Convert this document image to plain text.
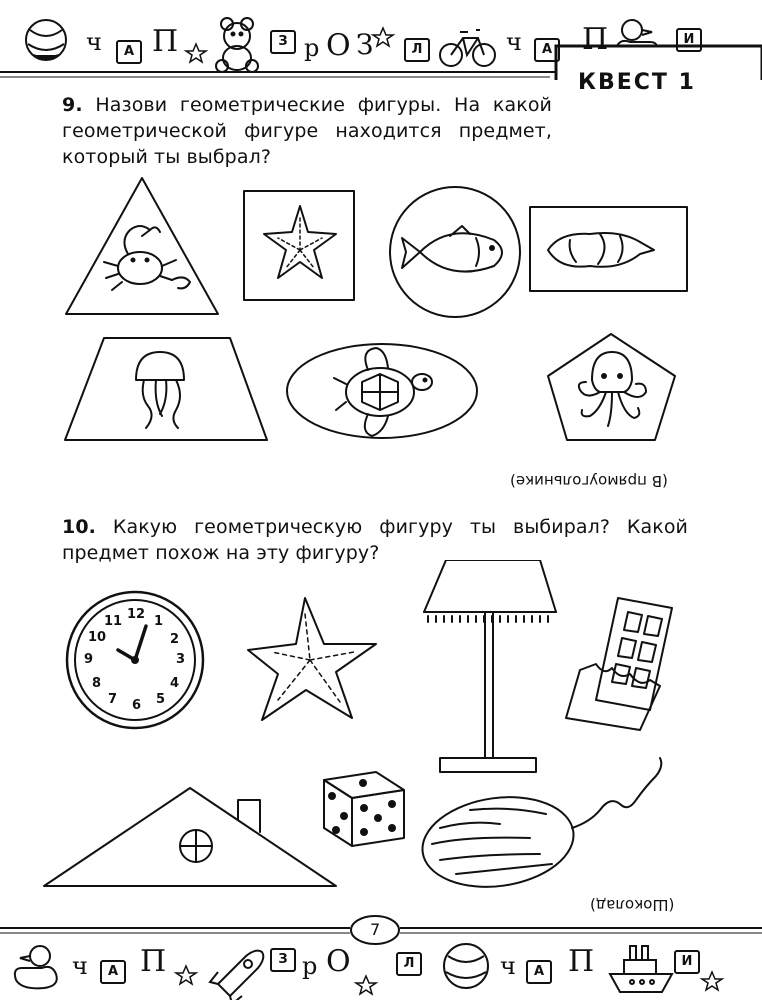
ч	А П	З р О З	Л	ч	А П	И
КВЕСТ 1
9. Назови геометрические фигуры. На какой
геометрической фигуре находится предмет,
который ты выбрал?
(В прямоугольнике)
10. Какую геометрическую фигуру ты выбирал? Какой
предмет похож на эту фигуру?
12 1
2
3
4
5
6
7
8
9
10
11
(Шоколад)
7
ч	А П	З р О	Л	ч	А П	И
